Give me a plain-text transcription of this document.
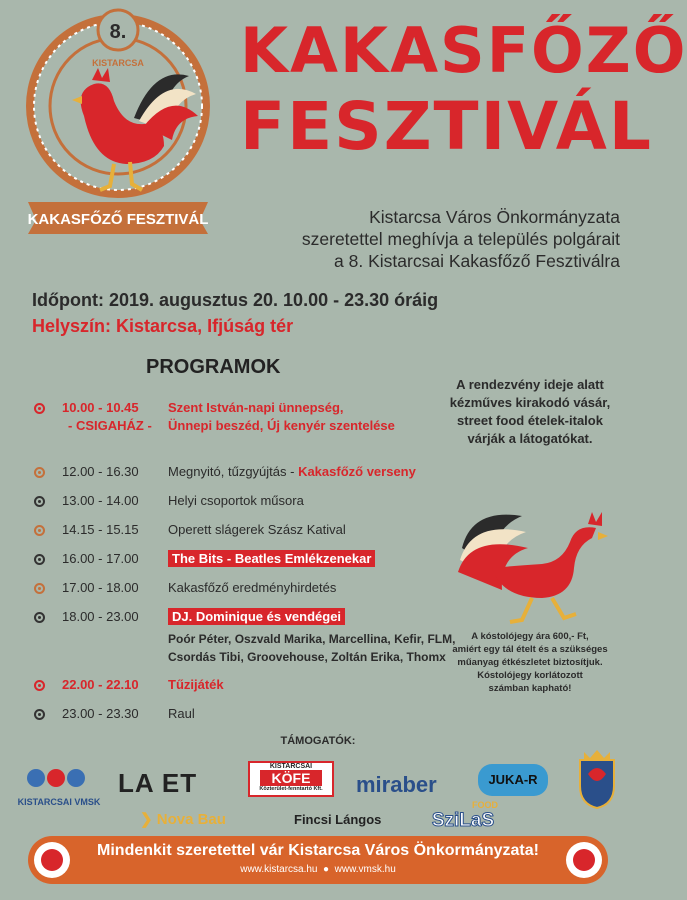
KAKASFŐZŐ FESZTIVÁL
8.
KISTARCSA KAKASFŐZŐ
FESZTIVÁL
Kistarcsa Város Önkormányzata
szeretettel meghívja a település polgárait
a 8. Kistarcsai Kakasfőző Fesztiválra
Időpont: 2019. augusztus 20. 10.00 - 23.30 óráig
Helyszín: Kistarcsa, Ifjúság tér
PROGRAMOK
10.00 - 10.45	Szent István-napi ünnepség,
- CSIGAHÁZ -	Ünnepi beszéd, Új kenyér szentelése
12.00 - 16.30	Megnyitó, tűzgyújtás - Kakasfőző verseny
13.00 - 14.00	Helyi csoportok műsora
14.15 - 15.15	Operett slágerek Szász Katival
16.00 - 17.00	The Bits - Beatles Emlékzenekar
17.00 - 18.00	Kakasfőző eredményhirdetés
18.00 - 23.00	DJ. Dominique és vendégei
Poór Péter, Oszvald Marika, Marcellina, Kefir, FLM,
Csordás Tibi, Groovehouse, Zoltán Erika, Thomx
22.00 - 22.10	Tűzijáték
23.00 - 23.30	Raul
A rendezvény ideje alatt
kézműves kirakodó vásár,
street food ételek-italok
várják a látogatókat.
A kóstolójegy ára 600,- Ft,
amiért egy tál ételt és a szükséges
műanyag étkészletet biztosítjuk.
Kóstolójegy korlátozott
számban kapható!
TÁMOGATÓK:
KISTARCSAI VMSK
LA ET
KISTARCSAI
KÖFE
Közterület-fenntartó Kft.	miraber	JUKA-R
❯ Nova Bau	Fincsi Lángos
FOOD
SziLaS
Mindenkit szeretettel vár Kistarcsa Város Önkormányzata!
www.kistarcsa.hu  ●  www.vmsk.hu
